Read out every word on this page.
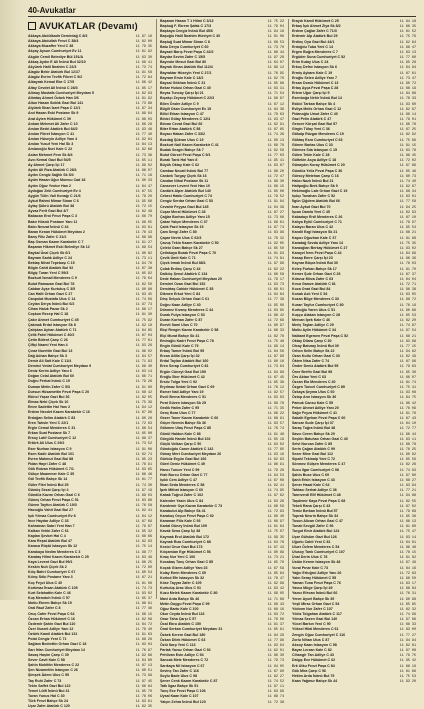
40- Avukatlar
AVUKATLAR (Devamı)
Akkaya Abdülkadir Demirdağ C 8/3	11 97 16
Akkaya Abdullah Fevzi C 38/4	11 82 00
Akkaya Muzaffer Yeni C 38	11 79 35
Akçay Aysun Cumhuriyet Ev 11	11 61 92
Akgün Cemil Belediye Bül 151/A	11 63 30
Akkaş Aydın E Ali İnönü Bul 32/10	11 96 41
Akyürek Halil İbrahim C 22/3	11 73 74
Alagöz Bekir Atatürk Bul 121/7	11 91 58
Alagöz Evrim Tevfik Fikret C 9/2	11 72 84
Albayrak Kemal Ebe C 17/5	11 66 42
Altay Cevdet Ali İnönü C 28/3	11 85 17
Altınay Mustafa Cumhuriyet Meydanı 5	11 62 93
Altıntaş Ahmet Özbek Han 3/6	11 81 92
Altun Hasan Sıddık Gazi Bul 141	11 73 88
Alyürek İlhan İzzet Paşa C 12/1	11 97 34
Anıl Hasan Eski Postane Sk 9	11 89 64
Arat Ayten Hükümet C 39	11 88 03
Arıkan Mehmet Ali Zafer C 10	11 66 28
Arslan Bedri Atatürk Bul 84/2	11 93 48
Arslan Fikret İstasyon C 41	11 77 40
Arslan Hüseyin Adliye Yanı 4	11 92 64
Arslan Yusuf Yeni Hal Sk 3	11 84 13
Arslanoğlu Nuri Kale C 22	11 82 66
Aslan Mehmet Fırın Sk 8/4	11 73 36
Avcı Kemal Gazi Bul 54/5	11 65 11
Ay Ahmet Çarşı İçi 17	11 99 02
Aydın Ali Rıza Atatürk C 28/1	11 86 07
Aydın Cengiz Sağlık Sk 5/4	11 71 16
Aydın Hasan Uğur Mumcu Cad 18	11 90 33
Aydın Oğuz Yenice Han 2	11 64 47
Aydoğan Zeki Cumhuriyet Ev 4	11 87 55
Aygün Tülin Vali Konağı C 21/6	11 78 20
Aykut Rahmi Mimar Sinan C 6	11 95 68
Aytaç Şükrü Atatürk Bul 38	11 72 15
Ayvaz Ferit Gazi Bul 4/7	11 82 49
Babacan Erol Fevzi Paşa C 3	11 66 70
Bakır Hüsnü Postane Yanı 11	11 98 05
Balcı Nevzat İnönü C 44	11 63 81
Baran Kenan Hükümet Meydanı 2	11 76 43
Barış Filiz Zafer C 31/2	11 88 96
Baş Osman Kazım Karabekir C 7	11 91 27
Başaran Hikmet Eski Belediye Sk 12	11 69 54
Baykal Ünal Çiçek Sk 6/1	11 80 62
Bayram Sadık Adliye C 24	11 73 11
Bektaş Nihat Tepebaşı C 15	11 94 76
Bilgin Cahit Atatürk Bul 92	11 67 38
Bilgiç Turan Yeni C 59/3	11 85 92
Bozkurt İsmail Menderes C 9	11 79 64
Bulut Ramazan Gazi Bul 78	11 62 50
Cabbar Ayşe Kurtuluş C 3/5	11 90 88
Can Halit Orhan Gazi C 27	11 83 45
Canpolat Mustafa Ulus C 14	11 74 09
Ceylan Derya İnönü Bul 6/2	11 97 73
Cihan Haluk Pazar Sk 2	11 68 17
Coşkun Recep Hal C 18	11 81 30
Çakır Ahmet Cumhuriyet C 45	11 75 92
Çakmak Erdal Istasyon Sk 8	11 92 18
Çalışkan Ayhan Atatürk C 71	11 64 85
Çelik Fahri Hükümet C 40/2	11 87 04
Çetin Bülent Çarşı C 26	11 77 61
Çiftçi Nazmi Yeni Han 4	11 93 29
Çınar Nurettin Gazi Bul 13	11 66 02
Dağ Adnan Bahçe Sk 3	11 84 57
Demir Ali Sait Kale C 11/4	11 71 83
Demirci Vedat Cumhuriyet Meydanı 9	11 98 40
Deniz Kerim Adliye Yanı 6	11 63 14
Doğan Celal Atatürk Bul 60	11 86 71
Doğru Ferhat İnönü C 19	11 79 26
Duman Metin Zafer C 5/3	11 91 90
Dursun Hüsamettin Fevzi Paşa C 20	11 68 42
Ekinci Yaşar Gazi Bul 36	11 82 05
Elmas Nebi Çiçek Sk 10	11 75 39
Emre Sadettin Hal Yanı 2	11 94 12
Erdem Necdet Kazım Karabekir C 16	11 67 96
Erdoğan Selim Atatürk C 83	11 80 28
Eren Tahsin Yeni C 22/1	11 72 63
Ergin Cemal Menderes C 31	11 96 54
Erkan Suat Postane Sk 7	11 65 80
Ersoy Latif Cumhuriyet C 12	11 88 37
Ertürk Ali Ulus C 29/2	11 73 52
Eser Nurhan Istasyon C 9	11 91 06
Esen Kadir Atatürk Bul 101	11 62 74
Evren Mahmut Gazi Bul 88	11 85 23
Fidan Hayri Zafer C 48	11 78 91
Gök Rıdvan Hükümet C 7/1	11 93 65
Gökçe Muammer Kale C 35	11 66 48
Gül Tevfik Bahçe Sk 14	11 81 77
Güler Fikri İnönü Bul 25	11 74 30
Gümüş Sezai Çarşı İçi 4	11 97 19
Gündüz Kazım Orhan Gazi C 6	11 69 03
Güneş Orhan Fevzi Paşa C 51	11 83 86
Güven Tayfun Atatürk C 19/3	11 76 58
Hacıoğlu Vahit Gazi Bul 27	11 92 41
Işık Yılmaz Cumhuriyet Ev 8	11 64 12
İnce Haydar Adliye C 33	11 87 69
Kahraman Sabri Yeni Han 7	11 79 87
Kalkan Vehbi Zafer C 61	11 95 32
Kaplan Şevket Hal C 4	11 68 66
Kara Reşat Atatürk Bul 47	11 82 93
Karaca Rüştü Istasyon Sk 12	11 75 14
Karakaya Nedim Menderes C 3	11 98 77
Karataş Hilmi Kazım Karabekir C 25	11 63 49
Kaya Levent Gazi Bul 99/1	11 86 25
Keskin Nuh Çiçek Sk 2	11 72 90
Kılıç Bahri Cumhuriyet C 67	11 90 54
Kılınç Sıtkı Postane Yanı 3	11 67 21
Koç Feyzi Ulus C 40	11 81 08
Korkmaz İhsan Atatürk C 105	11 74 73
Kurt Selahattin Kale C 46	11 93 02
Kuş Memduh İnönü C 57	11 65 37
Mutlu Ekrem Bahçe Sk 19	11 88 81
Oral Rauf Zafer C 8	11 77 46
Oruç Cafer Fevzi Paşa C 64	11 96 15
Özcan Erhan Hükümet C 16	11 62 08
Özdemir Şahin Gazi Bul 110	11 84 72
Özer Nusret Adliye Yanı 12	11 79 40
Öztürk Kamil Atatürk Bul 131	11 91 63
Polat Cengiz Yeni C 71	11 68 29
Sağlam Bedrettin Orhan Gazi C 18	11 83 04
Sarı İrfan Cumhuriyet Meydanı 14	11 76 97
Savaş Haşim Çarşı C 39	11 92 86
Sever Cavit Kale C 58	11 64 60
Şahin Muhittin Menderes C 22	11 87 13
Şen Nizamettin Istasyon C 26	11 80 51
Şimşek Âdem Ulus C 55	11 73 99
Taş Ruhi Zafer C 73	11 97 45
Tekin Saffet Gazi Bul 122	11 66 84
Temel Lütfi İnönü Bul 41	11 85 70
Turan Yunus Hal C 30	11 78 06
Türk Fevzi Bahçe Sk 24	11 93 91
Uçar Zafer Atatürk C 120	11 62 35
Başaran Hasan T 1 Hilmi C 3/13	11 75 22
Başbuğ F. Ekrem Şafak C 17/3	11 79 04
Başkaya Cengiz İnönü Bul 45/6	11 94 18
Başoğlu Halil İbrahim Hürriyet C 30	11 81 06
Baştuğ Suat Mimar Sinan C 8	11 68 53
Batu Derya Cumhuriyet C 60	11 73 70
Bayazıt Barış Fevzi Paşa C 42/2	11 86 44
Baydar Sevim Zafer C 15/5	11 97 28
Bayındır Mesut Gazi Bul 80	11 64 07
Bayrak Sinan Atatürk Bul 112/4	11 89 12
Bayraktar Hüseyin Yeni C 27/1	11 76 95
Bayram Ersin Kale C 14/2	11 92 70
Baysal Gökhan İnönü C 31	11 65 88
Bekar Hulusi Orhan Gazi C 40	11 83 31
Beyaz Tuncay Çarşı İçi 21	11 71 54
Bıçakçı Zeynep Hükümet C 22/3	11 96 87
Bilen Önder Adliye C 9	11 67 12
Bilgili Okan Cumhuriyet Ev 15	11 84 36
Bilici Erkan Istasyon C 47	11 78 63
Binici Gülay Menderes C 12/4	11 93 47
Bircan Cevat Gazi Bul 66	11 62 91
Biter Ertan Atatürk C 58	11 87 85
Boyacı Hakan Zafer C 33/2	11 74 26
Bozdağ Şükran Ulus C 19	11 90 13
Bozkurt Nail Kazım Karabekir C 41	11 68 78
Budak Sezgin Bahçe Sk 7	11 82 59
Bulut Gürsel Fevzi Paşa C 9/1	11 77 03
Burak Tarık Hal Yanı 8	11 95 41
Büyük Oktay Kale C 62	11 63 67
Cambaz Necati İnönü Bul 77	11 88 20
Canbek Turgay Çiçek Sk 16	11 72 47
Candan Nihal Postane Sk 11	11 98 30
Cansever Levent Yeni Han 10	11 66 15
Cantürk Alper Atatürk Bul 140	11 85 06
Cebeci Hakkı Cumhuriyet C 74	11 79 52
Cengiz Serdar Orhan Gazi C 53	11 91 84
Cevahir Feyyaz Gazi Bul 145	11 64 39
Coşar Meral Hükümet C 28	11 87 27
Çağlar Burhan Adliye Yanı 15	11 73 08
Çakar Yalçın Menderes C 37	11 96 61
Çalık Fazıl Istasyon Sk 19	11 67 74
Çam Sevgi Zafer C 80	11 83 99
Çapar Nevin Ulus C 62/3	11 76 32
Çavuş Tekin Kazım Karabekir C 50	11 92 05
Çelebi Ozan Bahçe Sk 27	11 65 50
Çetinkaya Burak Fevzi Paşa C 70	11 81 93
Çevik Ümit Kale C 71	11 74 81
Çiçek Irmak İnönü Bul 88/1	11 97 96
Çolak Erdinç Çarşı C 44	11 62 22
Dalkılıç Şenol Atatürk C 134	11 86 58
Dede Hakan Cumhuriyet Meydanı 20	11 79 17
Demirel Ozan Gazi Bul 152	11 93 73
Demirtaş Cahide Hükümet C 35	11 68 01
Dikmen Erkut Yeni C 84	11 84 64
Dinç Selçuk Orhan Gazi C 61	11 77 38
Doğru Kaan Adliye C 40	11 95 09
Dönmez Kıvanç Menderes C 44	11 63 85
Durak Fulya Istasyon C 53	11 88 42
Duran Korhan Zafer C 87	11 72 69
Ecevit Sami Ulus C 70	11 90 97
Ekşi Rengin Kazım Karabekir C 58	11 66 33
Elçi Murat Bahçe Sk 31	11 82 76
Emiroğlu Kadri Fevzi Paşa C 78	11 75 48
Engin Gönül Kale C 79	11 99 14
Erbaş Tamer İnönü Bul 95	11 64 56
Ercan Atilla Çarşı İçi 32	11 87 90
Erdal Taylan Atatürk Bul 160	11 80 16
Eren Serap Cumhuriyet C 81	11 73 64
Ergün Cüneyt Gazi Bul 159	11 94 89
Eroğlu İlker Hükümet C 42	11 67 45
Ersöz Tolga Yeni C 92	11 85 38
Eryılmaz Sedat Orhan Gazi C 69	11 78 12
Esmer Nail Adliye Yanı 19	11 92 57
Evcil Berna Menderes C 51	11 63 03
Fırat Güven Istasyon Sk 25	11 89 78
Gedik Halim Zafer C 95	11 71 35
Genç Bora Ulus C 77	11 96 22
Gezer Taner Kazım Karabekir C 66	11 68 91
Göçer Nermin Bahçe Sk 36	11 83 57
Gökmen Ulaş Fevzi Paşa C 85	11 76 74
Gönül Haldun Kale C 86	11 91 48
Görgülü Hande İnönü Bul 102	11 65 19
Güçlü Volkan Çarşı C 50	11 84 02
Gündoğdu Caner Atatürk C 142	11 77 85
Günay Mert Cumhuriyet Meydanı 26	11 93 16
Gürbüz Ergün Gazi Bul 166	11 62 63
Gürel Deniz Hükümet C 49	11 86 91
Hancı Tuncer Yeni C 99	11 79 29
Hızlı Burcu Orhan Gazi C 77	11 94 53
Işıklı Cem Adliye C 47	11 67 08
İlhan Seda Menderes C 58	11 82 41
İpek Mithat Istasyon C 60	11 74 95
Kabak Tuğrul Zafer C 102	11 97 62
Kalender Yasin Ulus C 84	11 63 26
Kandemir Oya Kazım Karabekir C 73	11 88 59
Karabulut Alp Bahçe Sk 41	11 72 83
Karakuş Orçun Fevzi Paşa C 92	11 90 40
Karaman Filiz Kale C 93	11 66 97
Kartal Güney İnönü Bul 109	11 81 64
Kavak Sena Çarşı İçi 38	11 75 07
Kaymak Erol Atatürk Bul 172	11 99 35
Kaynak Rıza Cumhuriyet C 88	11 64 78
Kesici Onur Gazi Bul 173	11 87 43
Kılıçarslan Ege Hükümet C 56	11 80 89
Kıraç Nur Yeni C 106	11 73 21
Kocabaş Tunç Orhan Gazi C 85	11 95 76
Koçak Gizem Adliye Yanı 23	11 67 59
Kolay Emin Menderes C 65	11 85 84
Korkut Efe Istasyon Sk 32	11 78 47
Köse Tayyar Zafer C 109	11 92 99
Kurtuluş Aras Ulus C 91	11 63 42
Kuzu Melek Kazım Karabekir C 80	11 89 05
Mavi Arda Bahçe Sk 46	11 71 68
Metin Duygu Fevzi Paşa C 99	11 96 43
Oğuz Bartu Kale C 100	11 68 16
Okur Ceyda İnönü Bul 116	11 83 72
Onur Taha Çarşı C 57	11 76 09
Öcal Ebru Atatürk C 150	11 91 37
Önal Serkan Cumhuriyet Meydanı 31	11 65 61
Özbek Kerem Gazi Bul 180	11 84 28
Özkan Dilek Hükümet C 63	11 77 96
Özlü Sarp Yeni C 113	11 93 84
Parlak Yavuz Orhan Gazi C 92	11 62 01
Pehlivan Esin Adliye C 54	11 86 30
Sancak Mete Menderes C 72	11 79 73
Sarıkaya Nil Istasyon C 67	11 94 05
Sevinç Tan Zafer C 116	11 67 90
Soylu Bade Ulus C 98	11 82 27
Şener Cenk Kazım Karabekir C 87	11 74 52
Tatlı Ilgaz Bahçe Sk 51	11 97 11
Tunç Ece Fevzi Paşa C 106	11 63 96
Uysal Kaan Kale C 107	11 88 74
Yalçın Zehra İnönü Bul 123	11 72 38
Eraydı Kamil Hükümet C 25	11 94 18
Erbaş İşık Ahmet Ziya Sk 8/2	11 66 35
Erdem Çağlar Zafer C 71/3	11 81 52
Erdemir Alp Atatürk Bul 29	11 75 79
Erdinç Oya Gazi Bul 44/1	11 92 84
Erdoğdu Tuba Yeni C 14	11 68 47
Ergen Buğra Menderes C 7	11 83 13
Ergüder Suna Cumhuriyet C 52	11 77 60
Erim Kutay Ulus C 24	11 95 26
Erkoç Defne Istasyon Sk 6	11 64 94
Ermiş Aybars Kale C 19	11 87 61
Eroğlu Selen Adliye Yanı 7	11 73 47
Ersan Doruk Hükümet C 13	11 90 72
Ertaş Ayça Fevzi Paşa C 28	11 66 19
Ertem Uğur Çarşı İçi 9	11 84 86
Esenboğa Nehir İnönü Bul 14	11 78 33
Eskici Tarkan Bahçe Sk 4	11 93 60
Evliya Melis Orhan Gazi C 12	11 62 87
Fidanoğlu Umut Zafer C 40	11 86 14
Gazi Pelin Atatürk C 47	11 79 01
Gencer Kürşat Gazi Bul 57	11 96 78
Girgin Tülay Yeni C 36	11 67 25
Gökalp Rüzgar Menderes C 19	11 82 92
Göktaş Esra Cumhuriyet C 63	11 75 69
Gönen Barlas Ulus C 33	11 91 15
Görmez Sıla Istasyon C 15	11 63 78
Gülen Tekin Kale C 28	11 88 45
Gültekin Asya Adliye C 18	11 72 02
Günaydın Koray Hükümet C 20	11 97 89
Gündüz Yeliz Fevzi Paşa C 36	11 65 46
Gürsoy Metehan Çarşı C 16	11 80 73
Halıcı Nazlı İnönü Bul 21	11 74 40
Hatipoğlu Berk Bahçe Sk 9	11 92 67
Hekimoğlu Lale Orhan Gazi C 19	11 68 34
Işıkçı Tunahan Zafer C 52	11 83 01
İlgün Çiğdem Atatürk Bul 66	11 77 58
İnan Aykut Gazi Bul 70	11 94 25
İşcan Damla Yeni C 45	11 62 93
Kabadayı Erdi Menderes C 26	11 87 10
Kahya Eylül Cumhuriyet C 71	11 79 97
Kalaycı Baran Ulus C 42	11 95 54
Kandil Ezgi Istasyon Sk 21	11 66 21
Kapıcı Oğuzhan Kale C 37	11 81 88
Karadağ Sevda Adliye Yanı 14	11 75 35
Karaoğlan Berkay Hükümet C 27	11 93 02
Karayel İrem Fevzi Paşa C 44	11 64 69
Kasap Emre Çarşı İçi 23	11 86 36
Kaynar Büşra İnönü Bul 30	11 78 03
Keleş Furkan Bahçe Sk 17	11 91 70
Kemer Şule Orhan Gazi C 26	11 67 37
Kılavuz Mirza Zafer C 63	11 84 04
Kırca Gamze Atatürk C 81	11 72 71
Koca Onat Gazi Bul 84	11 96 38
Konak Aslı Yeni C 54	11 63 05
Kozan Bilge Menderes C 33	11 88 72
Kuran Tayfur Cumhuriyet C 80	11 76 19
Kurtoğlu Yaren Ulus C 51	11 90 86
Kuşçu Atakan Istasyon C 28	11 65 53
Mercan İpek Kale C 46	11 82 20
Meriç Taylan Adliye C 29	11 74 87
Mutlu Aylin Hükümet C 34	11 97 54
Nalbant Egemen Fevzi Paşa C 52	11 68 21
Oktay Dilara Çarşı C 30	11 83 88
Olcay Baturay İnönü Bul 39	11 77 15
Orhon Selin Bahçe Sk 22	11 94 82
Ozan Kutlu Orhan Gazi C 33	11 62 49
Ökten Nisa Zafer C 74	11 87 96
Önder Deniz Atatürk Bul 95	11 79 63
Öner Berfin Gazi Bul 98	11 95 30
Örs Aktan Yeni C 63	11 66 07
Özcan Ela Menderes C 40	11 81 74
Özgen Tuncel Cumhuriyet C 89	11 75 41
Özkaya Şeyma Ulus C 60	11 93 08
Öztop Arın Istasyon Sk 36	11 64 75
Pamuk Cansu Kale C 55	11 86 42
Peker Ahmet Adliye Yanı 20	11 78 09
Sağır Feyza Hükümet C 41	11 91 76
Sakallı Egehan Fevzi Paşa C 60	11 67 43
Sancar Sude Çarşı İçi 37	11 84 10
Saraç Tuğra İnönü Bul 48	11 72 77
Savcı Ceren Bahçe Sk 29	11 96 44
Seçkin Batuhan Orhan Gazi C 40	11 63 11
Selvi Nurcan Zafer C 85	11 88 78
Serin Çağan Atatürk C 99	11 76 25
Sezer Mine Gazi Bul 112	11 90 92
Sipahi Tekinalp Yeni C 72	11 65 59
Sönmez Gülşen Menderes C 47	11 82 26
Sucu Ilgar Cumhuriyet C 98	11 74 93
Şahin Buse Ulus C 69	11 97 60
Şanlı Erkin Istasyon C 43	11 68 27
Şener Hazal Kale C 64	11 83 94
Tahtacı Serhat Adliye C 36	11 77 21
Tanrıverdi Elif Hükümet C 48	11 94 88
Taşdemir Kaya Fevzi Paşa C 68	11 62 55
Tekeli Rana Çarşı C 43	11 87 02
Temiz Berkan İnönü Bul 57	11 79 69
Toprak Nesrin Bahçe Sk 34	11 95 36
Tosun Alican Orhan Gazi C 47	11 66 13
Tunalı Sevgül Zafer C 96	11 81 80
Turgut Emir Atatürk Bul 124	11 75 47
Uçar Gülsüm Gazi Bul 126	11 93 14
Uğurlu Cahit Yeni C 81	11 64 81
Uluer Özlem Menderes C 54	11 86 48
Ulusoy Tarık Cumhuriyet C 107	11 78 15
Ünal Derin Ulus C 78	11 91 82
Üstün Kerem Istasyon Sk 48	11 67 49
Vural Pınar Kale C 73	11 84 16
Yağcı Ertuğrul Adliye Yanı 26	11 72 83
Yalın Seray Hükümet C 55	11 96 50
Yaman Tuna Fevzi Paşa C 76	11 63 17
Yavuz Müge Çarşı İçi 49	11 88 84
Yazıcı Efecan İnönü Bul 66	11 76 31
Yener Aysel Bahçe Sk 39	11 90 98
Yeşil Mirac Orhan Gazi C 54	11 65 65
Yıldırım Nur Zafer C 107	11 82 32
Yıldız Tolgahan Atatürk C 117	11 74 99
Yılmaz Sezen Gazi Bul 140	11 97 66
Yücel Barkın Yeni C 90	11 68 33
Yüksel Hilal Menderes C 61	11 83 00
Zengin Oğuz Cumhuriyet C 116	11 77 27
Zorlu Nihan Ulus C 87	11 94 94
Aksoy Kaan Istasyon C 58	11 62 61
Bayar Lerzan Kale C 82	11 87 08
Cihangir Tan Adliye C 43	11 79 75
Dalgıç Ece Hükümet C 62	11 95 42
Erk Utku Fevzi Paşa C 84	11 66 19
Gök Mira Çarşı C 56	11 81 86
Hekim Arda İnönü Bul 75	11 75 53
Kaan Yağmur Bahçe Sk 44	11 93 20
